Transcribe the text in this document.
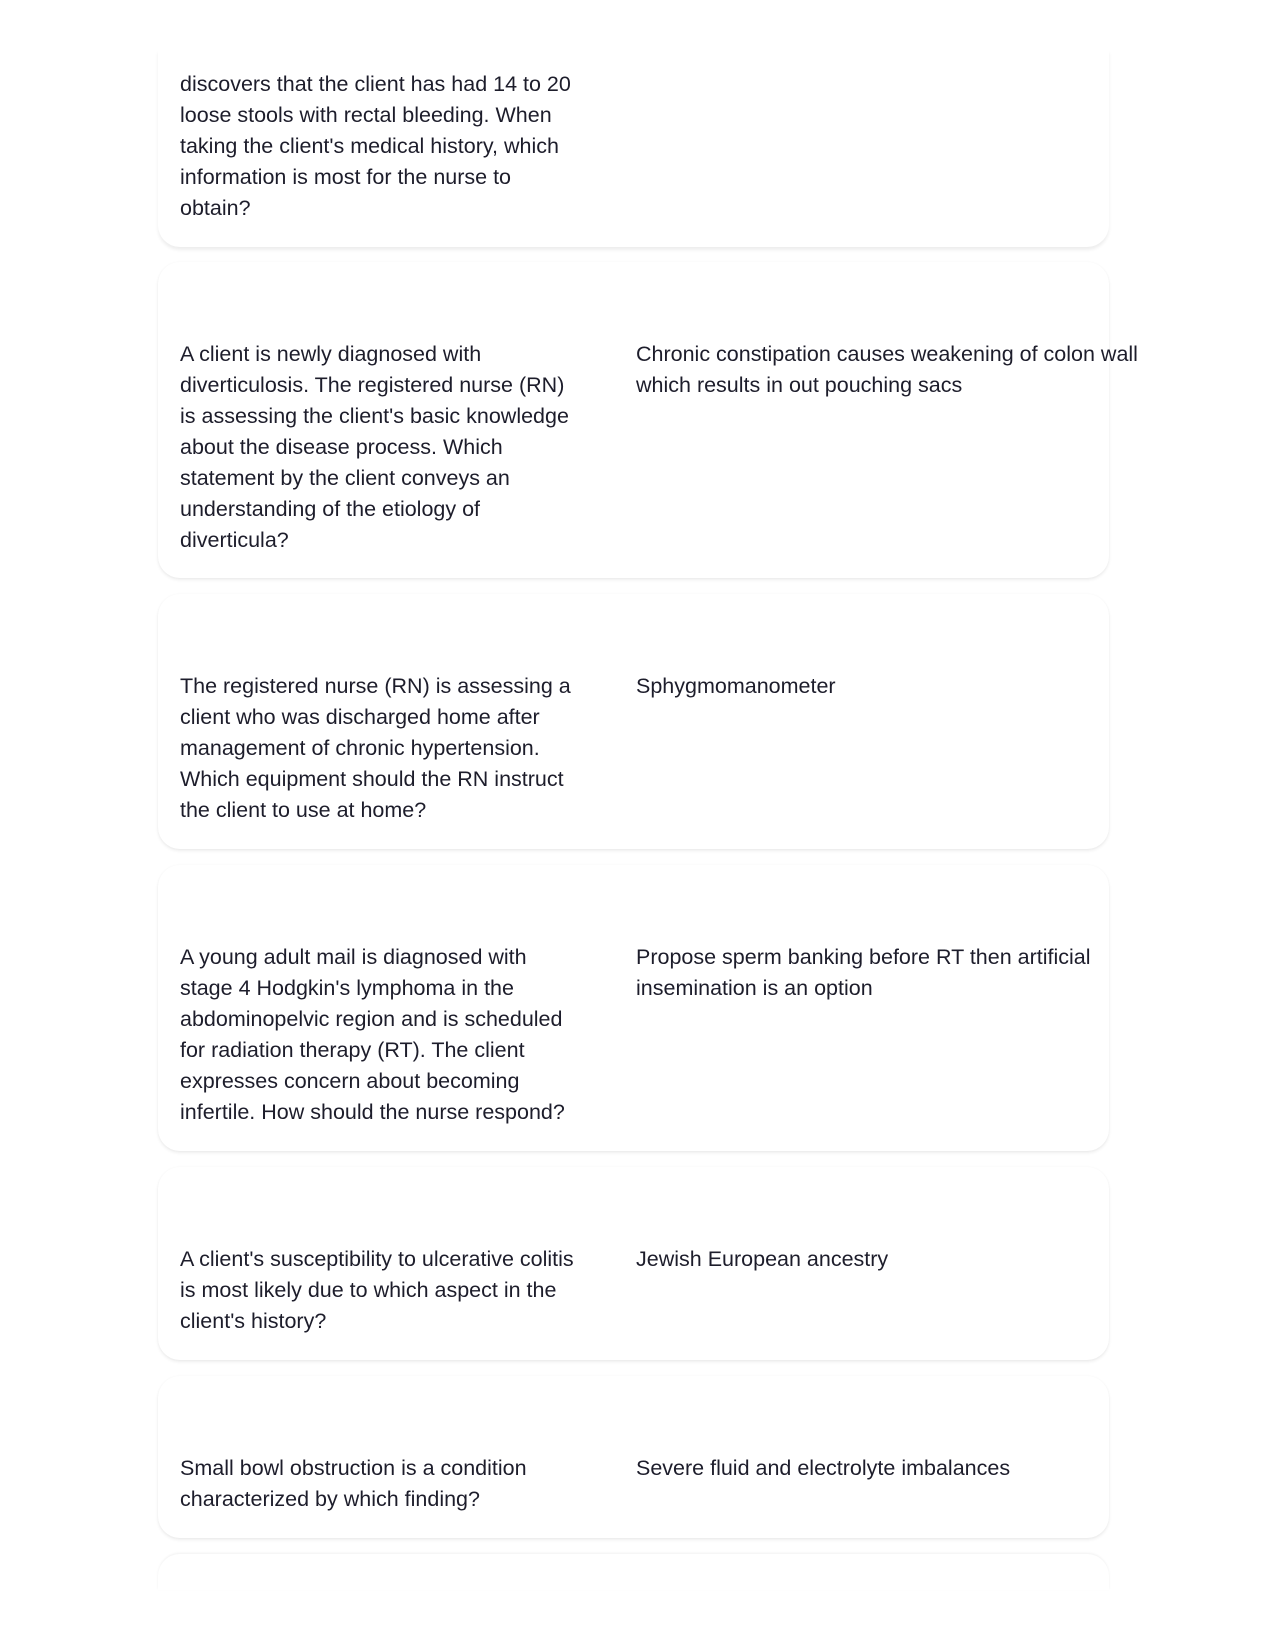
discovers that the client has had 14 to 20
loose stools with rectal bleeding. When
taking the client's medical history, which
information is most for the nurse to
obtain?
A client is newly diagnosed with
diverticulosis. The registered nurse (RN)
is assessing the client's basic knowledge
about the disease process. Which
statement by the client conveys an
understanding of the etiology of
diverticula?
Chronic constipation causes weakening of colon wall
which results in out pouching sacs
The registered nurse (RN) is assessing a
client who was discharged home after
management of chronic hypertension.
Which equipment should the RN instruct
the client to use at home?
Sphygmomanometer
A young adult mail is diagnosed with
stage 4 Hodgkin's lymphoma in the
abdominopelvic region and is scheduled
for radiation therapy (RT). The client
expresses concern about becoming
infertile. How should the nurse respond?
Propose sperm banking before RT then artificial
insemination is an option
A client's susceptibility to ulcerative colitis
is most likely due to which aspect in the
client's history?
Jewish European ancestry
Small bowl obstruction is a condition
characterized by which finding?
Severe fluid and electrolyte imbalances
